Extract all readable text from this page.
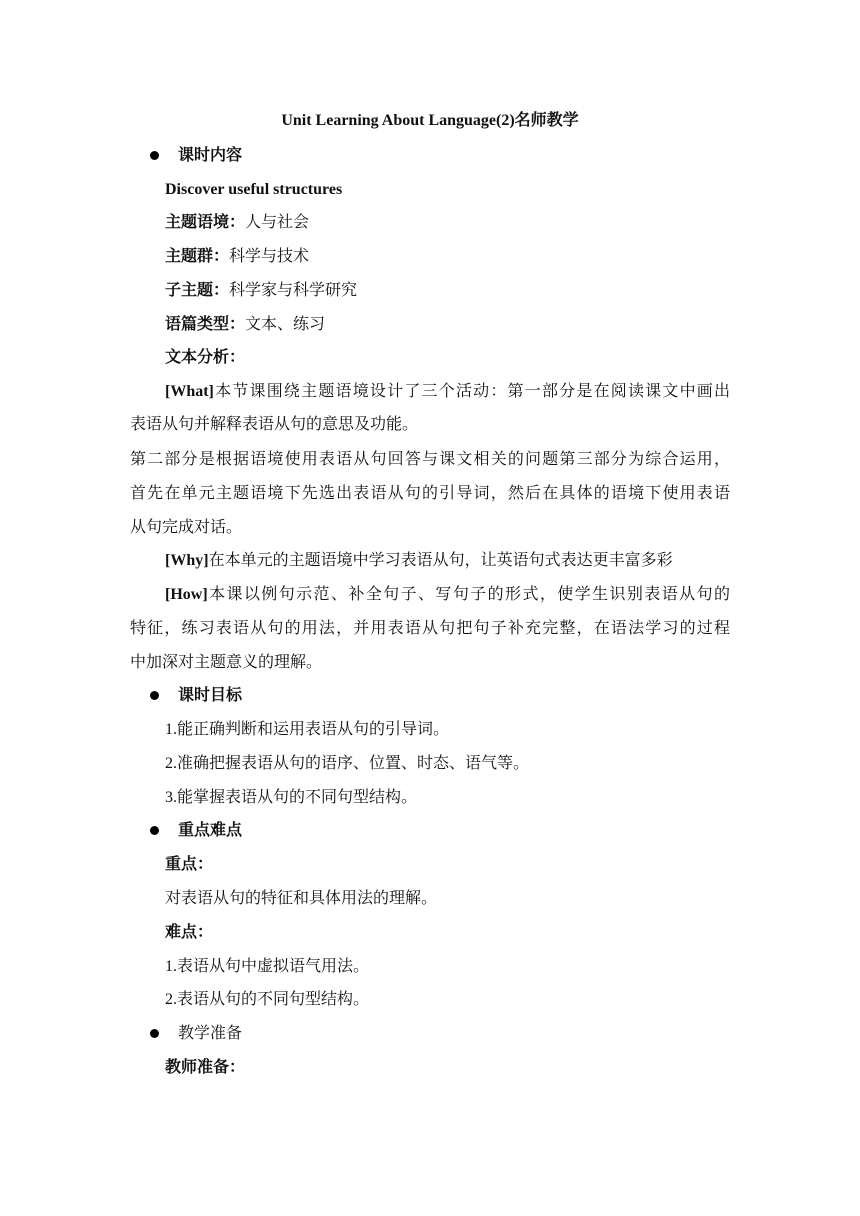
Unit Learning About Language(2)名师教学
课时内容
Discover useful structures
主题语境：人与社会
主题群：科学与技术
子主题：科学家与科学研究
语篇类型：文本、练习
文本分析：
[What]本节课围绕主题语境设计了三个活动：第一部分是在阅读课文中画出
表语从句并解释表语从句的意思及功能。
第二部分是根据语境使用表语从句回答与课文相关的问题第三部分为综合运用，
首先在单元主题语境下先选出表语从句的引导词，然后在具体的语境下使用表语
从句完成对话。
[Why]在本单元的主题语境中学习表语从句，让英语句式表达更丰富多彩
[How]本课以例句示范、补全句子、写句子的形式，使学生识别表语从句的
特征，练习表语从句的用法，并用表语从句把句子补充完整，在语法学习的过程
中加深对主题意义的理解。
课时目标
1.能正确判断和运用表语从句的引导词。
2.准确把握表语从句的语序、位置、时态、语气等。
3.能掌握表语从句的不同句型结构。
重点难点
重点：
对表语从句的特征和具体用法的理解。
难点：
1.表语从句中虚拟语气用法。
2.表语从句的不同句型结构。
教学准备
教师准备：
